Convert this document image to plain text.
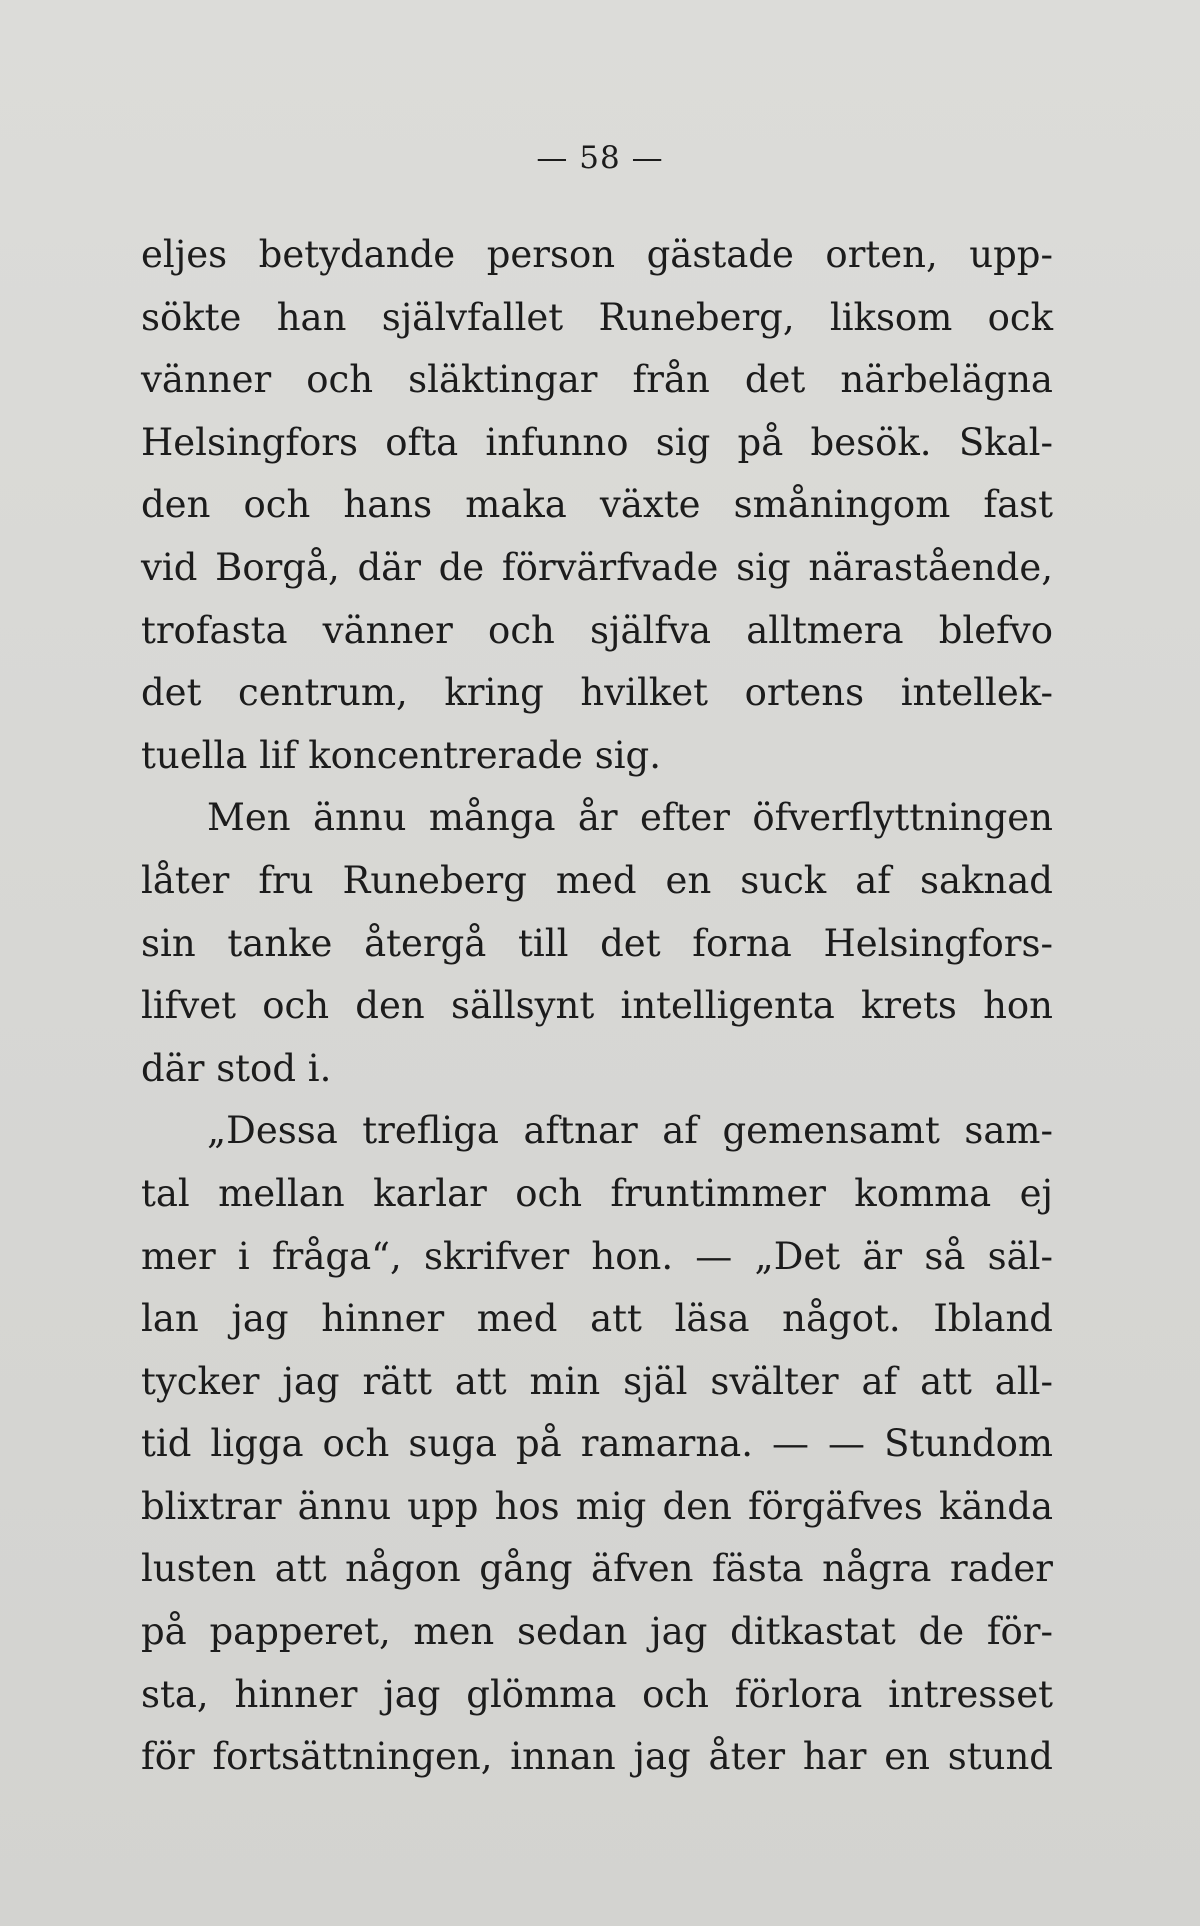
— 58 —
eljes betydande person gästade orten, upp-
sökte han självfallet Runeberg, liksom ock
vänner och släktingar från det närbelägna
Helsingfors ofta infunno sig på besök. Skal-
den och hans maka växte småningom fast
vid Borgå, där de förvärfvade sig närastående,
trofasta vänner och själfva alltmera blefvo
det centrum, kring hvilket ortens intellek-
tuella lif koncentrerade sig.
Men ännu många år efter öfverflyttningen
låter fru Runeberg med en suck af saknad
sin tanke återgå till det forna Helsingfors-
lifvet och den sällsynt intelligenta krets hon
där stod i.
„Dessa trefliga aftnar af gemensamt sam-
tal mellan karlar och fruntimmer komma ej
mer i fråga“, skrifver hon. — „Det är så säl-
lan jag hinner med att läsa något. Ibland
tycker jag rätt att min själ svälter af att all-
tid ligga och suga på ramarna. — — Stundom
blixtrar ännu upp hos mig den förgäfves kända
lusten att någon gång äfven fästa några rader
på papperet, men sedan jag ditkastat de för-
sta, hinner jag glömma och förlora intresset
för fortsättningen, innan jag åter har en stund
